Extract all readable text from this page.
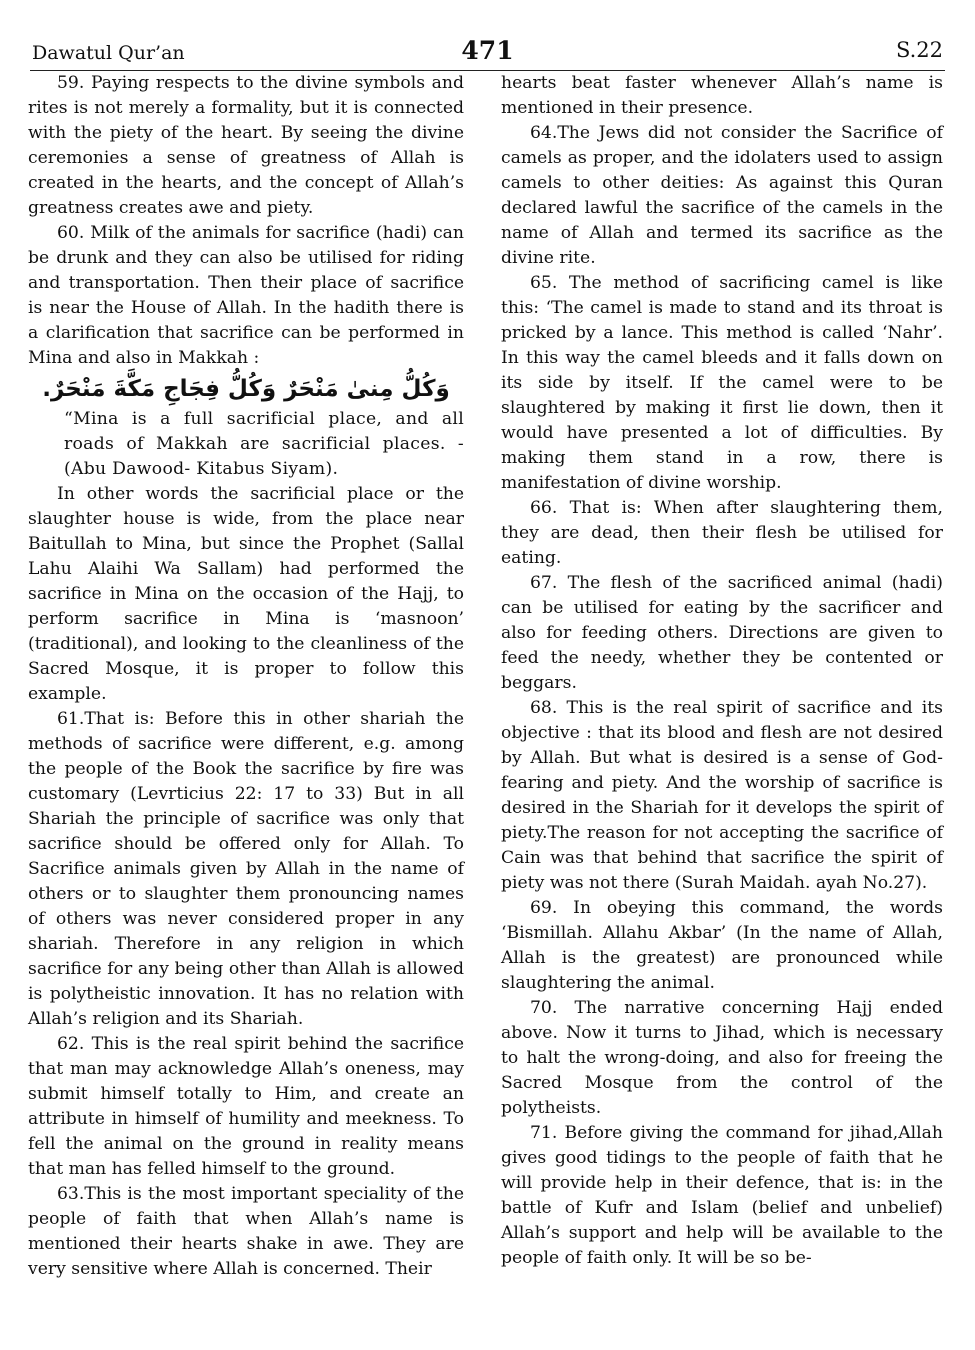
Dawatul Qur’an	471	S.22

59. Paying respects to the divine symbols and rites is not merely a formality, but it is connected with the piety of the heart. By seeing the divine ceremonies a sense of greatness of Allah is created in the hearts, and the concept of Allah’s greatness creates awe and piety.

60. Milk of the animals for sacrifice (hadi) can be drunk and they can also be utilised for riding and transportation. Then their place of sacrifice is near the House of Allah. In the hadith there is a clarification that sacrifice can be performed in Mina and also in Makkah :

وَكُلُّ مِنىٰ مَنْحَرٌ وَكُلُّ فِجَاجِ مَكَّةَ مَنْحَرٌ.

“Mina is a full sacrificial place, and all roads of Makkah are sacrificial places. -(Abu Dawood- Kitabus Siyam).

In other words the sacrificial place or the slaughter house is wide, from the place near Baitullah to Mina, but since the Prophet (Sallal Lahu Alaihi Wa Sallam) had performed the sacrifice in Mina on the occasion of the Hajj, to perform sacrifice in Mina is ‘masnoon’ (traditional), and looking to the cleanliness of the Sacred Mosque, it is proper to follow this example.

61.That is: Before this in other shariah the methods of sacrifice were different, e.g. among the people of the Book the sacrifice by fire was customary (Levrticius 22: 17 to 33) But in all Shariah the principle of sacrifice was only that sacrifice should be offered only for Allah. To Sacrifice animals given by Allah in the name of others or to slaughter them pronouncing names of others was never considered proper in any shariah. Therefore in any religion in which sacrifice for any being other than Allah is allowed is polytheistic innovation. It has no relation with Allah’s religion and its Shariah.

62. This is the real spirit behind the sacrifice that man may acknowledge Allah’s oneness, may submit himself totally to Him, and create an attribute in himself of humility and meekness. To fell the animal on the ground in reality means that man has felled himself to the ground.

63.This is the most important speciality of the people of faith that when Allah’s name is mentioned their hearts shake in awe. They are very sensitive where Allah is concerned. Their

hearts beat faster whenever Allah’s name is mentioned in their presence.

64.The Jews did not consider the Sacrifice of camels as proper, and the idolaters used to assign camels to other deities: As against this Quran declared lawful the sacrifice of the camels in the name of Allah and termed its sacrifice as the divine rite.

65. The method of sacrificing camel is like this: ‘The camel is made to stand and its throat is pricked by a lance. This method is called ‘Nahr’. In this way the camel bleeds and it falls down on its side by itself. If the camel were to be slaughtered by making it first lie down, then it would have presented a lot of difficulties. By making them stand in a row, there is manifestation of divine worship.

66. That is: When after slaughtering them, they are dead, then their flesh be utilised for eating.

67. The flesh of the sacrificed animal (hadi) can be utilised for eating by the sacrificer and also for feeding others. Directions are given to feed the needy, whether they be contented or beggars.

68. This is the real spirit of sacrifice and its objective : that its blood and flesh are not desired by Allah. But what is desired is a sense of God-fearing and piety. And the worship of sacrifice is desired in the Shariah for it develops the spirit of piety.The reason for not accepting the sacrifice of Cain was that behind that sacrifice the spirit of piety was not there (Surah Maidah. ayah No.27).

69. In obeying this command, the words ‘Bismillah. Allahu Akbar’ (In the name of Allah, Allah is the greatest) are pronounced while slaughtering the animal.

70. The narrative concerning Hajj ended above. Now it turns to Jihad, which is necessary to halt the wrong-doing, and also for freeing the Sacred Mosque from the control of the polytheists.

71. Before giving the command for jihad,Allah gives good tidings to the people of faith that he will provide help in their defence, that is: in the battle of Kufr and Islam (belief and unbelief) Allah’s support and help will be available to the people of faith only. It will be so be-
